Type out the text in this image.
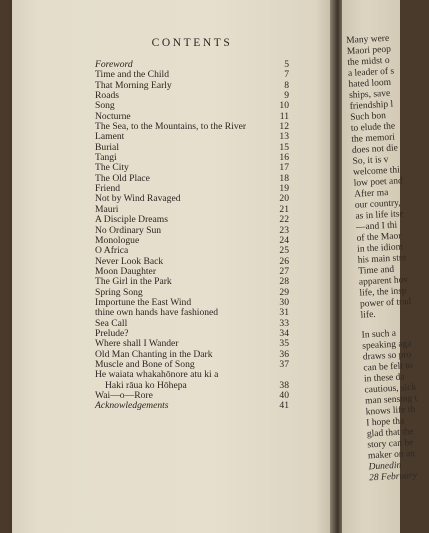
CONTENTS
Foreword	5
Time and the Child	7
That Morning Early	8
Roads	9
Song	10
Nocturne	11
The Sea, to the Mountains, to the River	12
Lament	13
Burial	15
Tangi	16
The City	17
The Old Place	18
Friend	19
Not by Wind Ravaged	20
Mauri	21
A Disciple Dreams	22
No Ordinary Sun	23
Monologue	24
O Africa	25
Never Look Back	26
Moon Daughter	27
The Girl in the Park	28
Spring Song	29
Importune the East Wind	30
thine own hands have fashioned	31
Sea Call	33
Prelude?	34
Where shall I Wander	35
Old Man Chanting in the Dark	36
Muscle and Bone of Song	37
He waiata whakahōnore atu ki a
Haki rāua ko Hōhepa	38
Wai—o—Rore	40
Acknowledgements	41
Many were
Maori peop
the midst o
a leader of s
hated loom
ships, save
friendship l
Such bon
to elude the
the memori
does not die
So, it is v
welcome thi
low poet and
After ma
our country,
as in life itse
—and I thi
of the Maor
in the idiom
his main stre
Time and
apparent hov
life, the insp
power of trad
life.
In such a
speaking aga
draws so pro
can be felt to
in these da
cautious, sick
man sensing t
knows life th
I hope tha
glad that the
story can be
maker on an
Dunedin
28 February
